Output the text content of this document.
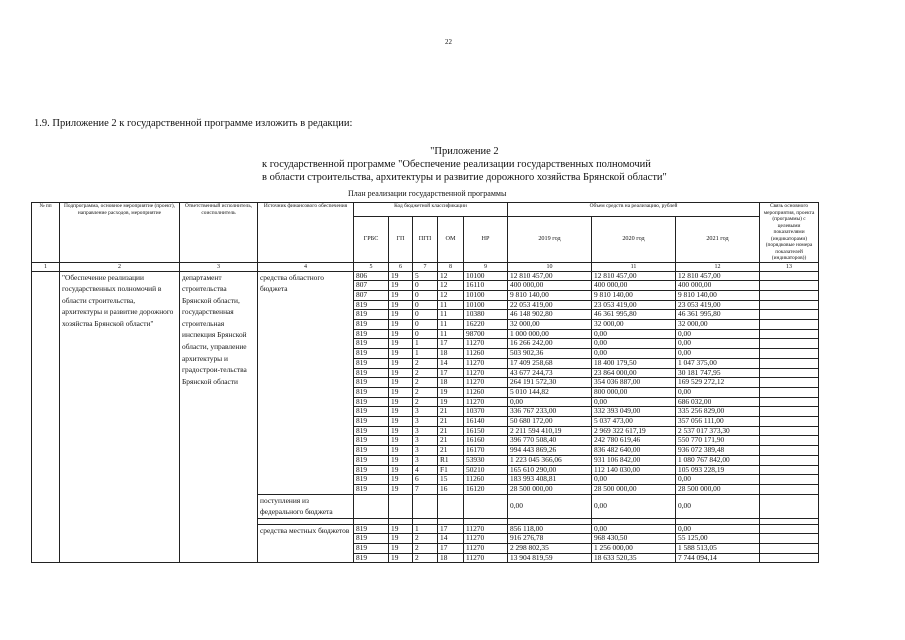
22
1.9. Приложение 2 к государственной программе изложить в редакции:
"Приложение 2
к государственной программе "Обеспечение реализации государственных полномочий
в области строительства, архитектуры и развитие дорожного хозяйства Брянской области"
План реализации государственной программы
№ пп	Подпрограмма, основное мероприятие (проект), направление расходов, мероприятие	Ответственный исполнитель, соисполнитель	Источник финансового обеспечения	Код бюджетной классификации					Объем средств на реализацию, рублей			Связь основного мероприятия, проекта (программы) с целевыми показателями (индикаторами) (порядковые номера показателей (индикаторов))
				ГРБС	ГП	ПГП	ОМ	НР	2019 год	2020 год	2021 год	
1	2	3	4	5	6	7	8	9	10	11	12	13
	"Обеспечение реализации государственных полномочий в области строительства, архитектуры и развитие дорожного хозяйства Брянской области"	департамент строительства Брянской области, государственная строительная инспекция Брянской области, управление архитектуры и градострои-тельства Брянской области	средства областного бюджета	806	19	5	12	10100	12 810 457,00	12 810 457,00	12 810 457,00	
				807	19	0	12	16110	400 000,00	400 000,00	400 000,00	
				807	19	0	12	10100	9 810 140,00	9 810 140,00	9 810 140,00	
				819	19	0	11	10100	22 053 419,00	23 053 419,00	23 053 419,00	
				819	19	0	11	10380	46 148 902,80	46 361 995,80	46 361 995,80	
				819	19	0	11	16220	32 000,00	32 000,00	32 000,00	
				819	19	0	11	98700	1 000 000,00	0,00	0,00	
				819	19	1	17	11270	16 266 242,00	0,00	0,00	
				819	19	1	18	11260	503 902,36	0,00	0,00	
				819	19	2	14	11270	17 409 258,68	18 400 179,50	1 047 375,00	
				819	19	2	17	11270	43 677 244,73	23 864 000,00	30 181 747,95	
				819	19	2	18	11270	264 191 572,30	354 036 887,00	169 529 272,12	
				819	19	2	19	11260	5 010 144,82	800 000,00	0,00	
				819	19	2	19	11270	0,00	0,00	686 032,00	
				819	19	3	21	10370	336 767 233,00	332 393 049,00	335 256 829,00	
				819	19	3	21	16140	50 680 172,00	5 037 473,00	357 056 111,00	
				819	19	3	21	16150	2 211 594 410,19	2 969 322 617,19	2 537 017 373,30	
				819	19	3	21	16160	396 770 508,40	242 780 619,46	550 770 171,90	
				819	19	3	21	16170	994 443 869,26	836 482 640,00	936 072 389,48	
				819	19	3	R1	53930	1 223 045 366,06	931 106 842,00	1 080 767 842,00	
				819	19	4	F1	50210	165 610 290,00	112 140 030,00	105 093 228,19	
				819	19	6	15	11260	183 993 408,81	0,00	0,00	
				819	19	7	16	16120	28 500 000,00	28 500 000,00	28 500 000,00	
			поступления из федерального бюджета						0,00	0,00	0,00	

			средства местных бюджетов	819	19	1	17	11270	856 118,00	0,00	0,00	
				819	19	2	14	11270	916 276,78	968 430,50	55 125,00	
				819	19	2	17	11270	2 298 802,35	1 256 000,00	1 588 513,05	
				819	19	2	18	11270	13 904 819,59	18 633 520,35	7 744 094,14	
